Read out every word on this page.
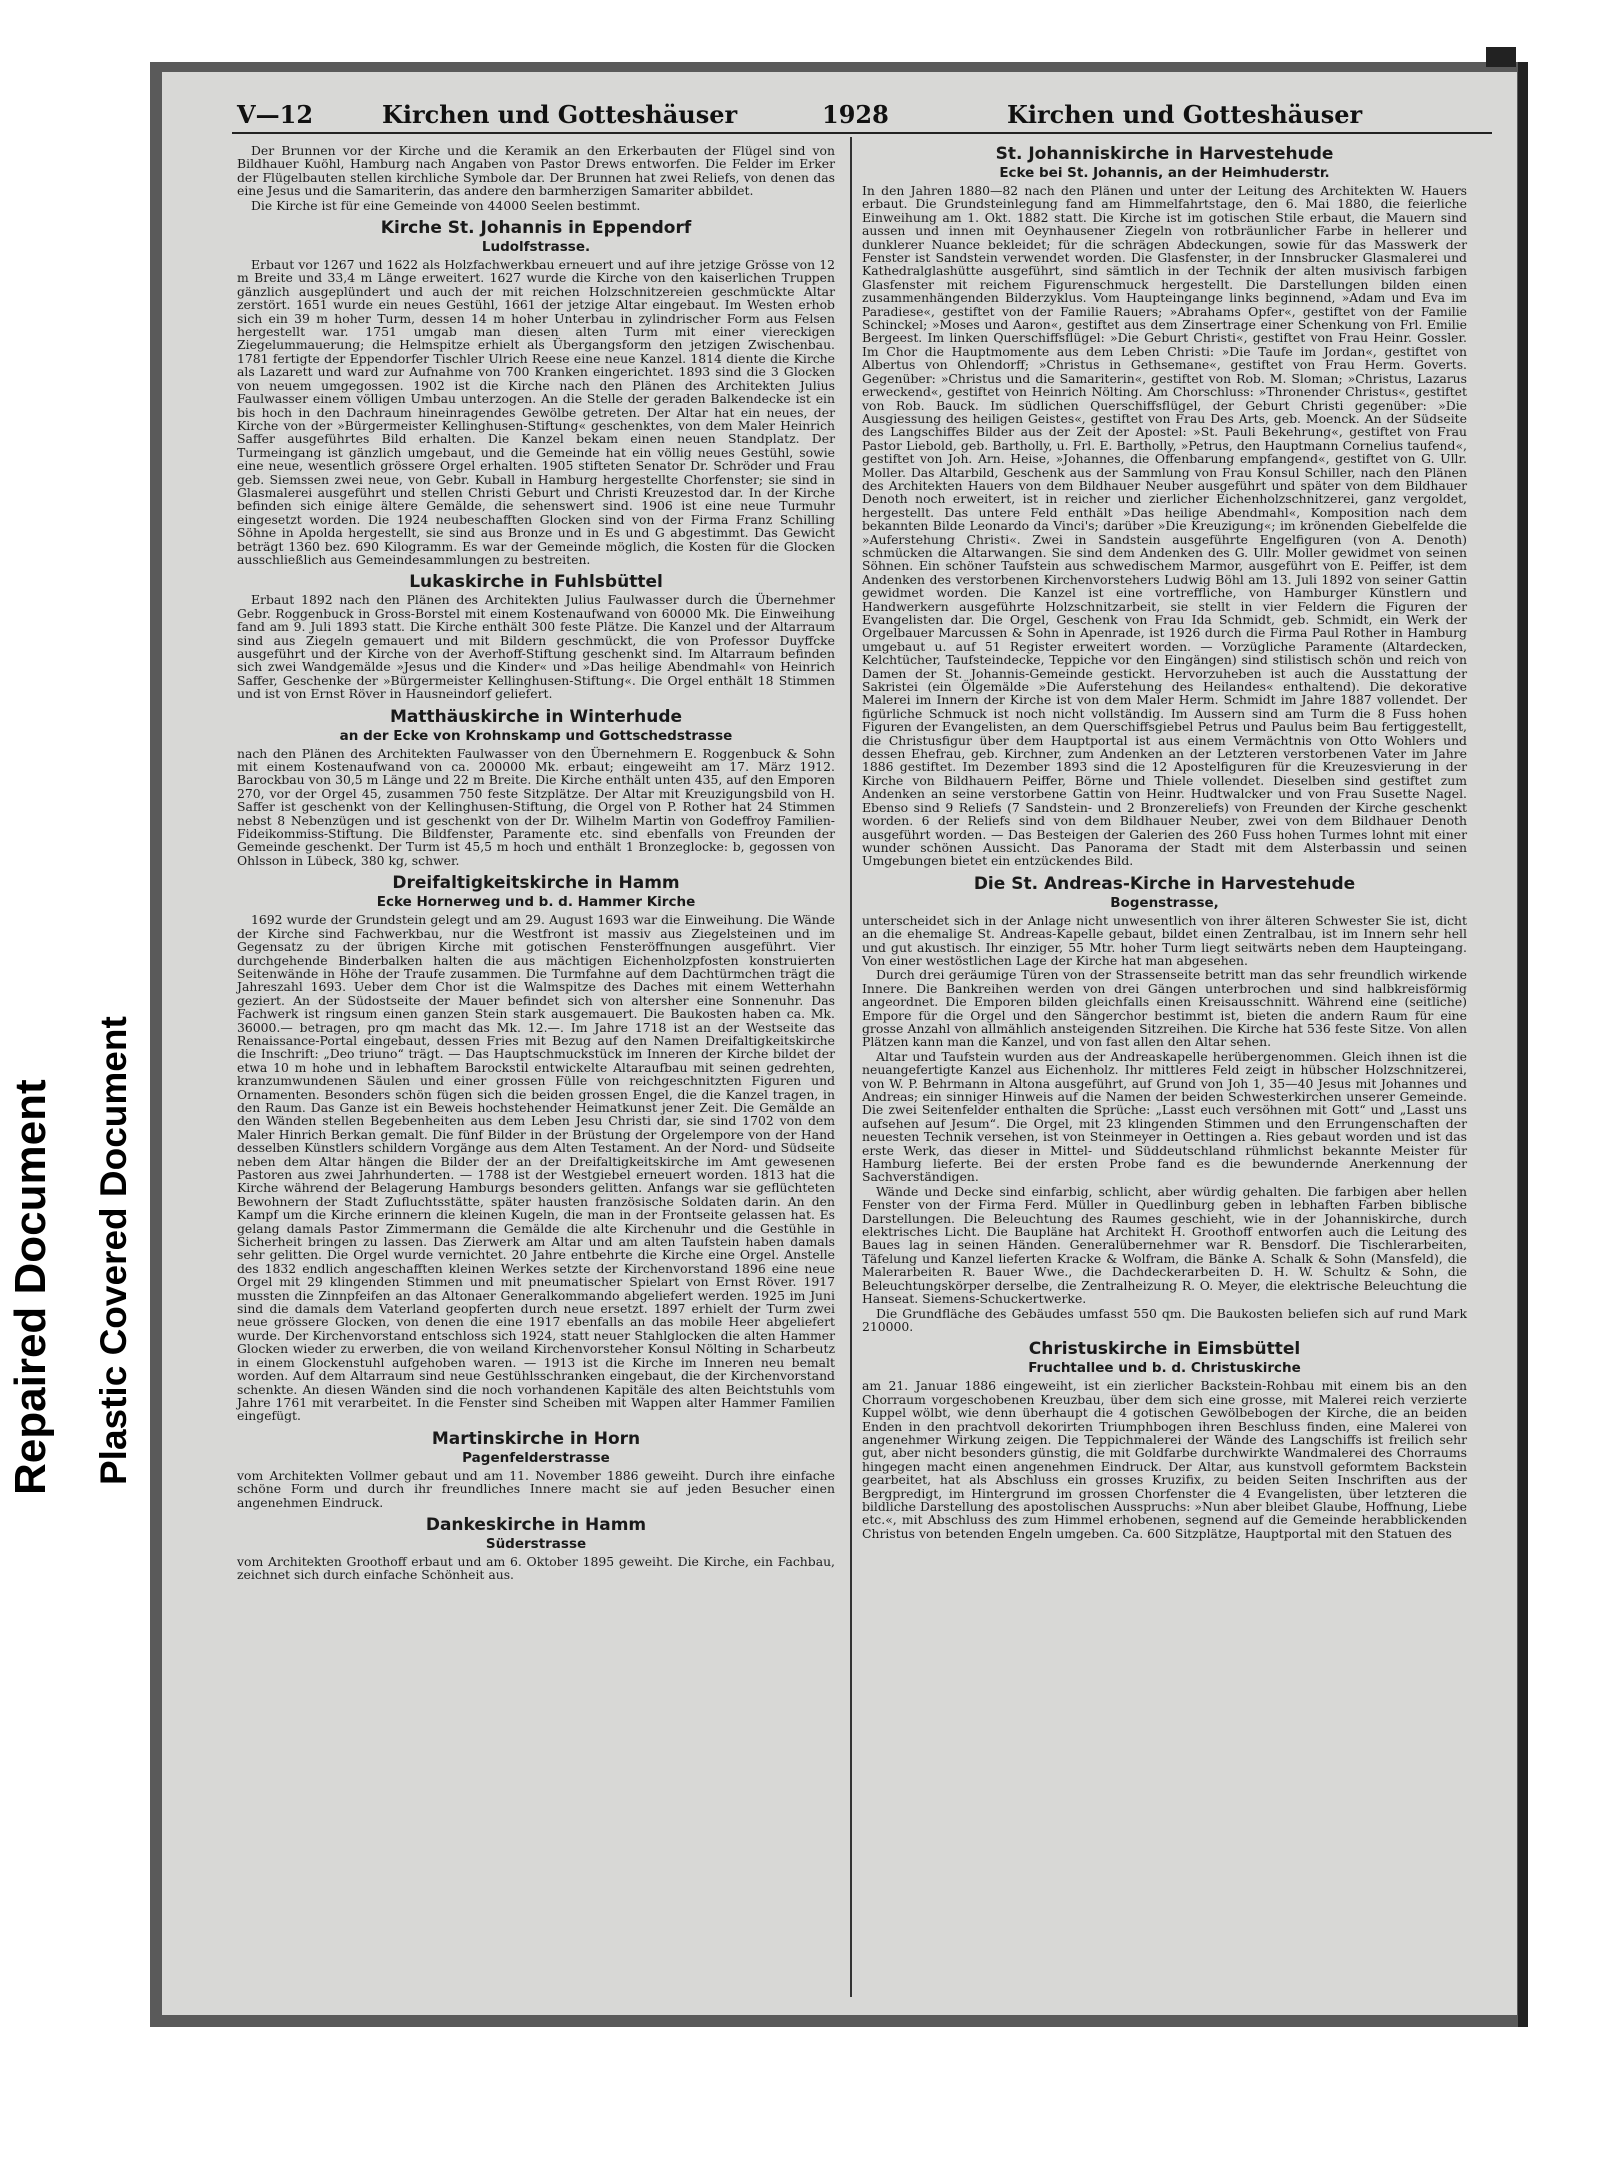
Repaired Document Plastic Covered Document
V—12	Kirchen und Gotteshäuser	1928	Kirchen und Gotteshäuser

Der Brunnen vor der Kirche und die Keramik an den Erkerbauten der Flügel sind von Bildhauer Kuöhl, Hamburg nach Angaben von Pastor Drews entworfen. Die Felder im Erker der Flügelbauten stellen kirchliche Symbole dar. Der Brunnen hat zwei Reliefs, von denen das eine Jesus und die Samariterin, das andere den barmherzigen Samariter abbildet.

Die Kirche ist für eine Gemeinde von 44000 Seelen bestimmt.

Kirche St. Johannis in Eppendorf
Ludolfstrasse.

Erbaut vor 1267 und 1622 als Holzfachwerkbau erneuert und auf ihre jetzige Grösse von 12 m Breite und 33,4 m Länge erweitert. 1627 wurde die Kirche von den kaiserlichen Truppen gänzlich ausgeplündert und auch der mit reichen Holzschnitzereien geschmückte Altar zerstört. 1651 wurde ein neues Gestühl, 1661 der jetzige Altar eingebaut. Im Westen erhob sich ein 39 m hoher Turm, dessen 14 m hoher Unterbau in zylindrischer Form aus Felsen hergestellt war. 1751 umgab man diesen alten Turm mit einer viereckigen Ziegelummauerung; die Helmspitze erhielt als Übergangsform den jetzigen Zwischenbau. 1781 fertigte der Eppendorfer Tischler Ulrich Reese eine neue Kanzel. 1814 diente die Kirche als Lazarett und ward zur Aufnahme von 700 Kranken eingerichtet. 1893 sind die 3 Glocken von neuem umgegossen. 1902 ist die Kirche nach den Plänen des Architekten Julius Faulwasser einem völligen Umbau unterzogen. An die Stelle der geraden Balkendecke ist ein bis hoch in den Dachraum hineinragendes Gewölbe getreten. Der Altar hat ein neues, der Kirche von der »Bürgermeister Kellinghusen-Stiftung« geschenktes, von dem Maler Heinrich Saffer ausgeführtes Bild erhalten. Die Kanzel bekam einen neuen Standplatz. Der Turmeingang ist gänzlich umgebaut, und die Gemeinde hat ein völlig neues Gestühl, sowie eine neue, wesentlich grössere Orgel erhalten. 1905 stifteten Senator Dr. Schröder und Frau geb. Siemssen zwei neue, von Gebr. Kuball in Hamburg hergestellte Chorfenster; sie sind in Glasmalerei ausgeführt und stellen Christi Geburt und Christi Kreuzestod dar. In der Kirche befinden sich einige ältere Gemälde, die sehenswert sind. 1906 ist eine neue Turmuhr eingesetzt worden. Die 1924 neubeschafften Glocken sind von der Firma Franz Schilling Söhne in Apolda hergestellt, sie sind aus Bronze und in Es und G abgestimmt. Das Gewicht beträgt 1360 bez. 690 Kilogramm. Es war der Gemeinde möglich, die Kosten für die Glocken ausschließlich aus Gemeindesammlungen zu bestreiten.

Lukaskirche in Fuhlsbüttel

Erbaut 1892 nach den Plänen des Architekten Julius Faulwasser durch die Übernehmer Gebr. Roggenbuck in Gross-Borstel mit einem Kostenaufwand von 60000 Mk. Die Einweihung fand am 9. Juli 1893 statt. Die Kirche enthält 300 feste Plätze. Die Kanzel und der Altarraum sind aus Ziegeln gemauert und mit Bildern geschmückt, die von Professor Duyffcke ausgeführt und der Kirche von der Averhoff-Stiftung geschenkt sind. Im Altarraum befinden sich zwei Wandgemälde »Jesus und die Kinder« und »Das heilige Abendmahl« von Heinrich Saffer, Geschenke der »Bürgermeister Kellinghusen-Stiftung«. Die Orgel enthält 18 Stimmen und ist von Ernst Röver in Hausneindorf geliefert.

Matthäuskirche in Winterhude
an der Ecke von Krohnskamp und Gottschedstrasse

nach den Plänen des Architekten Faulwasser von den Übernehmern E. Roggenbuck & Sohn mit einem Kostenaufwand von ca. 200000 Mk. erbaut; eingeweiht am 17. März 1912. Barockbau von 30,5 m Länge und 22 m Breite. Die Kirche enthält unten 435, auf den Emporen 270, vor der Orgel 45, zusammen 750 feste Sitzplätze. Der Altar mit Kreuzigungsbild von H. Saffer ist geschenkt von der Kellinghusen-Stiftung, die Orgel von P. Rother hat 24 Stimmen nebst 8 Nebenzügen und ist geschenkt von der Dr. Wilhelm Martin von Godeffroy Familien-Fideikommiss-Stiftung. Die Bildfenster, Paramente etc. sind ebenfalls von Freunden der Gemeinde geschenkt. Der Turm ist 45,5 m hoch und enthält 1 Bronzeglocke: b, gegossen von Ohlsson in Lübeck, 380 kg, schwer.

Dreifaltigkeitskirche in Hamm
Ecke Hornerweg und b. d. Hammer Kirche

1692 wurde der Grundstein gelegt und am 29. August 1693 war die Einweihung. Die Wände der Kirche sind Fachwerkbau, nur die Westfront ist massiv aus Ziegelsteinen und im Gegensatz zu der übrigen Kirche mit gotischen Fensteröffnungen ausgeführt. Vier durchgehende Binderbalken halten die aus mächtigen Eichenholzpfosten konstruierten Seitenwände in Höhe der Traufe zusammen. Die Turmfahne auf dem Dachtürmchen trägt die Jahreszahl 1693. Ueber dem Chor ist die Walmspitze des Daches mit einem Wetterhahn geziert. An der Südostseite der Mauer befindet sich von altersher eine Sonnenuhr. Das Fachwerk ist ringsum einen ganzen Stein stark ausgemauert. Die Baukosten haben ca. Mk. 36000.— betragen, pro qm macht das Mk. 12.—. Im Jahre 1718 ist an der Westseite das Renaissance-Portal eingebaut, dessen Fries mit Bezug auf den Namen Dreifaltigkeitskirche die Inschrift: „Deo triuno“ trägt. — Das Hauptschmuckstück im Inneren der Kirche bildet der etwa 10 m hohe und in lebhaftem Barockstil entwickelte Altaraufbau mit seinen gedrehten, kranzumwundenen Säulen und einer grossen Fülle von reichgeschnitzten Figuren und Ornamenten. Besonders schön fügen sich die beiden grossen Engel, die die Kanzel tragen, in den Raum. Das Ganze ist ein Beweis hochstehender Heimatkunst jener Zeit. Die Gemälde an den Wänden stellen Begebenheiten aus dem Leben Jesu Christi dar, sie sind 1702 von dem Maler Hinrich Berkan gemalt. Die fünf Bilder in der Brüstung der Orgelempore von der Hand desselben Künstlers schildern Vorgänge aus dem Alten Testament. An der Nord- und Südseite neben dem Altar hängen die Bilder der an der Dreifaltigkeitskirche im Amt gewesenen Pastoren aus zwei Jahrhunderten. — 1788 ist der Westgiebel erneuert worden. 1813 hat die Kirche während der Belagerung Hamburgs besonders gelitten. Anfangs war sie geflüchteten Bewohnern der Stadt Zufluchtsstätte, später hausten französische Soldaten darin. An den Kampf um die Kirche erinnern die kleinen Kugeln, die man in der Frontseite gelassen hat. Es gelang damals Pastor Zimmermann die Gemälde die alte Kirchenuhr und die Gestühle in Sicherheit bringen zu lassen. Das Zierwerk am Altar und am alten Taufstein haben damals sehr gelitten. Die Orgel wurde vernichtet. 20 Jahre entbehrte die Kirche eine Orgel. Anstelle des 1832 endlich angeschafften kleinen Werkes setzte der Kirchenvorstand 1896 eine neue Orgel mit 29 klingenden Stimmen und mit pneumatischer Spielart von Ernst Röver. 1917 mussten die Zinnpfeifen an das Altonaer Generalkommando abgeliefert werden. 1925 im Juni sind die damals dem Vaterland geopferten durch neue ersetzt. 1897 erhielt der Turm zwei neue grössere Glocken, von denen die eine 1917 ebenfalls an das mobile Heer abgeliefert wurde. Der Kirchenvorstand entschloss sich 1924, statt neuer Stahlglocken die alten Hammer Glocken wieder zu erwerben, die von weiland Kirchenvorsteher Konsul Nölting in Scharbeutz in einem Glockenstuhl aufgehoben waren. — 1913 ist die Kirche im Inneren neu bemalt worden. Auf dem Altarraum sind neue Gestühlsschranken eingebaut, die der Kirchenvorstand schenkte. An diesen Wänden sind die noch vorhandenen Kapitäle des alten Beichtstuhls vom Jahre 1761 mit verarbeitet. In die Fenster sind Scheiben mit Wappen alter Hammer Familien eingefügt.

Martinskirche in Horn
Pagenfelderstrasse

vom Architekten Vollmer gebaut und am 11. November 1886 geweiht. Durch ihre einfache schöne Form und durch ihr freundliches Innere macht sie auf jeden Besucher einen angenehmen Eindruck.

Dankeskirche in Hamm
Süderstrasse

vom Architekten Groothoff erbaut und am 6. Oktober 1895 geweiht. Die Kirche, ein Fachbau, zeichnet sich durch einfache Schönheit aus.

St. Johanniskirche in Harvestehude
Ecke bei St. Johannis, an der Heimhuderstr.

In den Jahren 1880—82 nach den Plänen und unter der Leitung des Architekten W. Hauers erbaut. Die Grundsteinlegung fand am Himmelfahrtstage, den 6. Mai 1880, die feierliche Einweihung am 1. Okt. 1882 statt. Die Kirche ist im gotischen Stile erbaut, die Mauern sind aussen und innen mit Oeynhausener Ziegeln von rotbräunlicher Farbe in hellerer und dunklerer Nuance bekleidet; für die schrägen Abdeckungen, sowie für das Masswerk der Fenster ist Sandstein verwendet worden. Die Glasfenster, in der Innsbrucker Glasmalerei und Kathedralglashütte ausgeführt, sind sämtlich in der Technik der alten musivisch farbigen Glasfenster mit reichem Figurenschmuck hergestellt. Die Darstellungen bilden einen zusammenhängenden Bilderzyklus. Vom Haupteingange links beginnend, »Adam und Eva im Paradiese«, gestiftet von der Familie Rauers; »Abrahams Opfer«, gestiftet von der Familie Schinckel; »Moses und Aaron«, gestiftet aus dem Zinsertrage einer Schenkung von Frl. Emilie Bergeest. Im linken Querschiffsflügel: »Die Geburt Christi«, gestiftet von Frau Heinr. Gossler. Im Chor die Hauptmomente aus dem Leben Christi: »Die Taufe im Jordan«, gestiftet von Albertus von Ohlendorff; »Christus in Gethsemane«, gestiftet von Frau Herm. Goverts. Gegenüber: »Christus und die Samariterin«, gestiftet von Rob. M. Sloman; »Christus, Lazarus erweckend«, gestiftet von Heinrich Nölting. Am Chorschluss: »Thronender Christus«, gestiftet von Rob. Bauck. Im südlichen Querschiffsflügel, der Geburt Christi gegenüber: »Die Ausgiessung des heiligen Geistes«, gestiftet von Frau Des Arts, geb. Moenck. An der Südseite des Langschiffes Bilder aus der Zeit der Apostel: »St. Pauli Bekehrung«, gestiftet von Frau Pastor Liebold, geb. Bartholly, u. Frl. E. Bartholly, »Petrus, den Hauptmann Cornelius taufend«, gestiftet von Joh. Arn. Heise, »Johannes, die Offenbarung empfangend«, gestiftet von G. Ullr. Moller. Das Altarbild, Geschenk aus der Sammlung von Frau Konsul Schiller, nach den Plänen des Architekten Hauers von dem Bildhauer Neuber ausgeführt und später von dem Bildhauer Denoth noch erweitert, ist in reicher und zierlicher Eichenholzschnitzerei, ganz vergoldet, hergestellt. Das untere Feld enthält »Das heilige Abendmahl«, Komposition nach dem bekannten Bilde Leonardo da Vinci's; darüber »Die Kreuzigung«; im krönenden Giebelfelde die »Auferstehung Christi«. Zwei in Sandstein ausgeführte Engelfiguren (von A. Denoth) schmücken die Altarwangen. Sie sind dem Andenken des G. Ullr. Moller gewidmet von seinen Söhnen. Ein schöner Taufstein aus schwedischem Marmor, ausgeführt von E. Peiffer, ist dem Andenken des verstorbenen Kirchenvorstehers Ludwig Böhl am 13. Juli 1892 von seiner Gattin gewidmet worden. Die Kanzel ist eine vortreffliche, von Hamburger Künstlern und Handwerkern ausgeführte Holzschnitzarbeit, sie stellt in vier Feldern die Figuren der Evangelisten dar. Die Orgel, Geschenk von Frau Ida Schmidt, geb. Schmidt, ein Werk der Orgelbauer Marcussen & Sohn in Apenrade, ist 1926 durch die Firma Paul Rother in Hamburg umgebaut u. auf 51 Register erweitert worden. — Vorzügliche Paramente (Altardecken, Kelchtücher, Taufsteindecke, Teppiche vor den Eingängen) sind stilistisch schön und reich von Damen der St. Johannis-Gemeinde gestickt. Hervorzuheben ist auch die Ausstattung der Sakristei (ein Ölgemälde »Die Auferstehung des Heilandes« enthaltend). Die dekorative Malerei im Innern der Kirche ist von dem Maler Herm. Schmidt im Jahre 1887 vollendet. Der figürliche Schmuck ist noch nicht vollständig. Im Aussern sind am Turm die 8 Fuss hohen Figuren der Evangelisten, an dem Querschiffsgiebel Petrus und Paulus beim Bau fertiggestellt, die Christusfigur über dem Hauptportal ist aus einem Vermächtnis von Otto Wohlers und dessen Ehefrau, geb. Kirchner, zum Andenken an der Letzteren verstorbenen Vater im Jahre 1886 gestiftet. Im Dezember 1893 sind die 12 Apostelfiguren für die Kreuzesvierung in der Kirche von Bildhauern Peiffer, Börne und Thiele vollendet. Dieselben sind gestiftet zum Andenken an seine verstorbene Gattin von Heinr. Hudtwalcker und von Frau Susette Nagel. Ebenso sind 9 Reliefs (7 Sandstein- und 2 Bronzereliefs) von Freunden der Kirche geschenkt worden. 6 der Reliefs sind von dem Bildhauer Neuber, zwei von dem Bildhauer Denoth ausgeführt worden. — Das Besteigen der Galerien des 260 Fuss hohen Turmes lohnt mit einer wunder schönen Aussicht. Das Panorama der Stadt mit dem Alsterbassin und seinen Umgebungen bietet ein entzückendes Bild.

Die St. Andreas-Kirche in Harvestehude
Bogenstrasse,

unterscheidet sich in der Anlage nicht unwesentlich von ihrer älteren Schwester Sie ist, dicht an die ehemalige St. Andreas-Kapelle gebaut, bildet einen Zentralbau, ist im Innern sehr hell und gut akustisch. Ihr einziger, 55 Mtr. hoher Turm liegt seitwärts neben dem Haupteingang. Von einer westöstlichen Lage der Kirche hat man abgesehen.

Durch drei geräumige Türen von der Strassenseite betritt man das sehr freundlich wirkende Innere. Die Bankreihen werden von drei Gängen unterbrochen und sind halbkreisförmig angeordnet. Die Emporen bilden gleichfalls einen Kreisausschnitt. Während eine (seitliche) Empore für die Orgel und den Sängerchor bestimmt ist, bieten die andern Raum für eine grosse Anzahl von allmählich ansteigenden Sitzreihen. Die Kirche hat 536 feste Sitze. Von allen Plätzen kann man die Kanzel, und von fast allen den Altar sehen.

Altar und Taufstein wurden aus der Andreaskapelle herübergenommen. Gleich ihnen ist die neuangefertigte Kanzel aus Eichenholz. Ihr mittleres Feld zeigt in hübscher Holzschnitzerei, von W. P. Behrmann in Altona ausgeführt, auf Grund von Joh 1, 35—40 Jesus mit Johannes und Andreas; ein sinniger Hinweis auf die Namen der beiden Schwesterkirchen unserer Gemeinde. Die zwei Seitenfelder enthalten die Sprüche: „Lasst euch versöhnen mit Gott“ und „Lasst uns aufsehen auf Jesum“. Die Orgel, mit 23 klingenden Stimmen und den Errungenschaften der neuesten Technik versehen, ist von Steinmeyer in Oettingen a. Ries gebaut worden und ist das erste Werk, das dieser in Mittel- und Süddeutschland rühmlichst bekannte Meister für Hamburg lieferte. Bei der ersten Probe fand es die bewundernde Anerkennung der Sachverständigen.

Wände und Decke sind einfarbig, schlicht, aber würdig gehalten. Die farbigen aber hellen Fenster von der Firma Ferd. Müller in Quedlinburg geben in lebhaften Farben biblische Darstellungen. Die Beleuchtung des Raumes geschieht, wie in der Johanniskirche, durch elektrisches Licht. Die Baupläne hat Architekt H. Groothoff entworfen auch die Leitung des Baues lag in seinen Händen. Generalübernehmer war R. Bensdorf. Die Tischlerarbeiten, Täfelung und Kanzel lieferten Kracke & Wolfram, die Bänke A. Schalk & Sohn (Mansfeld), die Malerarbeiten R. Bauer Wwe., die Dachdeckerarbeiten D. H. W. Schultz & Sohn, die Beleuchtungskörper derselbe, die Zentralheizung R. O. Meyer, die elektrische Beleuchtung die Hanseat. Siemens-Schuckertwerke.

Die Grundfläche des Gebäudes umfasst 550 qm. Die Baukosten beliefen sich auf rund Mark 210000.

Christuskirche in Eimsbüttel
Fruchtallee und b. d. Christuskirche

am 21. Januar 1886 eingeweiht, ist ein zierlicher Backstein-Rohbau mit einem bis an den Chorraum vorgeschobenen Kreuzbau, über dem sich eine grosse, mit Malerei reich verzierte Kuppel wölbt, wie denn überhaupt die 4 gotischen Gewölbebogen der Kirche, die an beiden Enden in den prachtvoll dekorirten Triumphbogen ihren Beschluss finden, eine Malerei von angenehmer Wirkung zeigen. Die Teppichmalerei der Wände des Langschiffs ist freilich sehr gut, aber nicht besonders günstig, die mit Goldfarbe durchwirkte Wandmalerei des Chorraums hingegen macht einen angenehmen Eindruck. Der Altar, aus kunstvoll geformtem Backstein gearbeitet, hat als Abschluss ein grosses Kruzifix, zu beiden Seiten Inschriften aus der Bergpredigt, im Hintergrund im grossen Chorfenster die 4 Evangelisten, über letzteren die bildliche Darstellung des apostolischen Ausspruchs: »Nun aber bleibet Glaube, Hoffnung, Liebe etc.«, mit Abschluss des zum Himmel erhobenen, segnend auf die Gemeinde herabblickenden Christus von betenden Engeln umgeben. Ca. 600 Sitzplätze, Hauptportal mit den Statuen des
